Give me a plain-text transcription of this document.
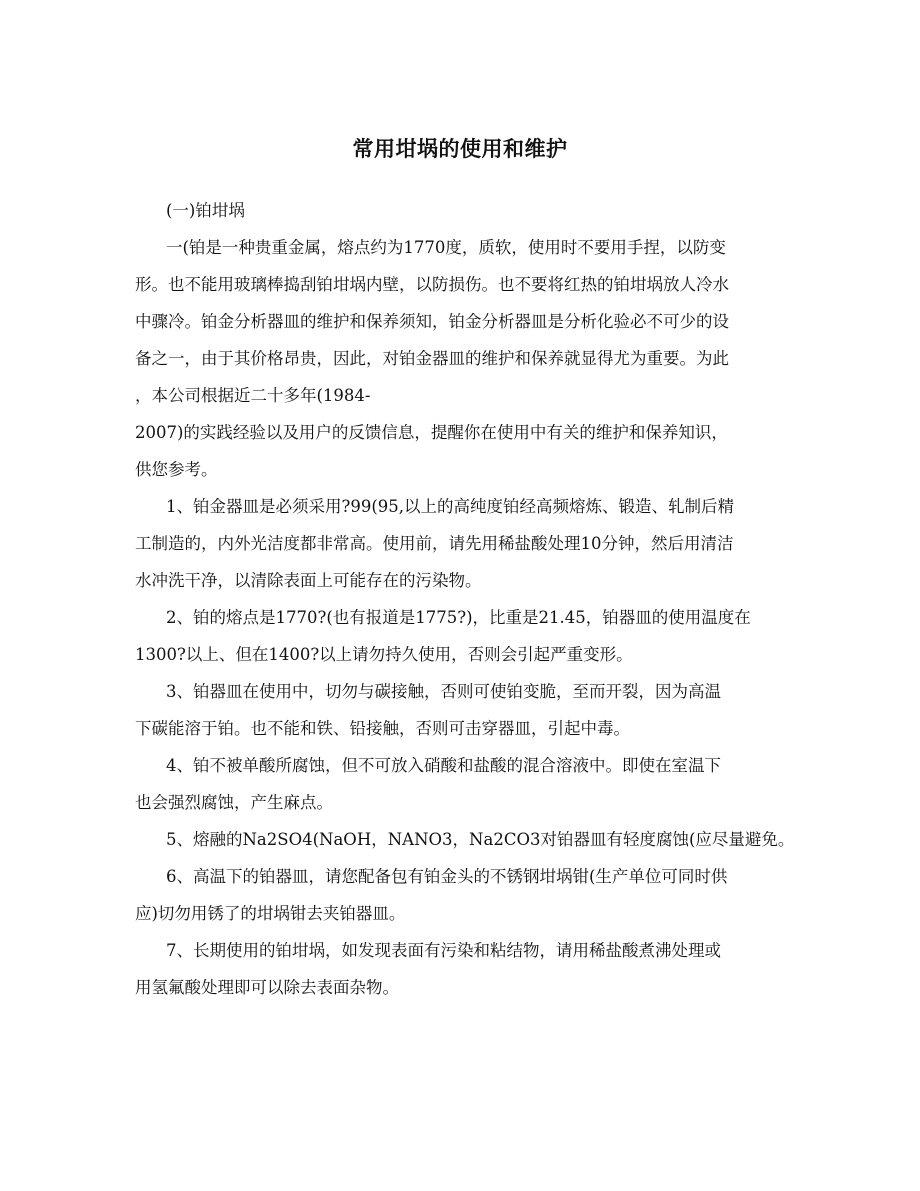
常用坩埚的使用和维护
(一)铂坩埚
一(铂是一种贵重金属，熔点约为1770度，质软，使用时不要用手捏，以防变
形。也不能用玻璃棒捣刮铂坩埚内壁，以防损伤。也不要将红热的铂坩埚放人冷水
中骤冷。铂金分析器皿的维护和保养须知，铂金分析器皿是分析化验必不可少的设
备之一，由于其价格昂贵，因此，对铂金器皿的维护和保养就显得尤为重要。为此
，本公司根据近二十多年(1984-
2007)的实践经验以及用户的反馈信息，提醒你在使用中有关的维护和保养知识，
供您参考。
1、铂金器皿是必须采用?99(95,以上的高纯度铂经高频熔炼、锻造、轧制后精
工制造的，内外光洁度都非常高。使用前，请先用稀盐酸处理10分钟，然后用清洁
水冲洗干净，以清除表面上可能存在的污染物。
2、铂的熔点是1770?(也有报道是1775?)，比重是21.45，铂器皿的使用温度在
1300?以上、但在1400?以上请勿持久使用，否则会引起严重变形。
3、铂器皿在使用中，切勿与碳接触，否则可使铂变脆，至而开裂，因为高温
下碳能溶于铂。也不能和铁、铅接触，否则可击穿器皿，引起中毒。
4、铂不被单酸所腐蚀，但不可放入硝酸和盐酸的混合溶液中。即使在室温下
也会强烈腐蚀，产生麻点。
5、熔融的Na2SO4(NaOH，NANO3，Na2CO3对铂器皿有轻度腐蚀(应尽量避免。
6、高温下的铂器皿，请您配备包有铂金头的不锈钢坩埚钳(生产单位可同时供
应)切勿用锈了的坩埚钳去夹铂器皿。
7、长期使用的铂坩埚，如发现表面有污染和粘结物，请用稀盐酸煮沸处理或
用氢氟酸处理即可以除去表面杂物。
